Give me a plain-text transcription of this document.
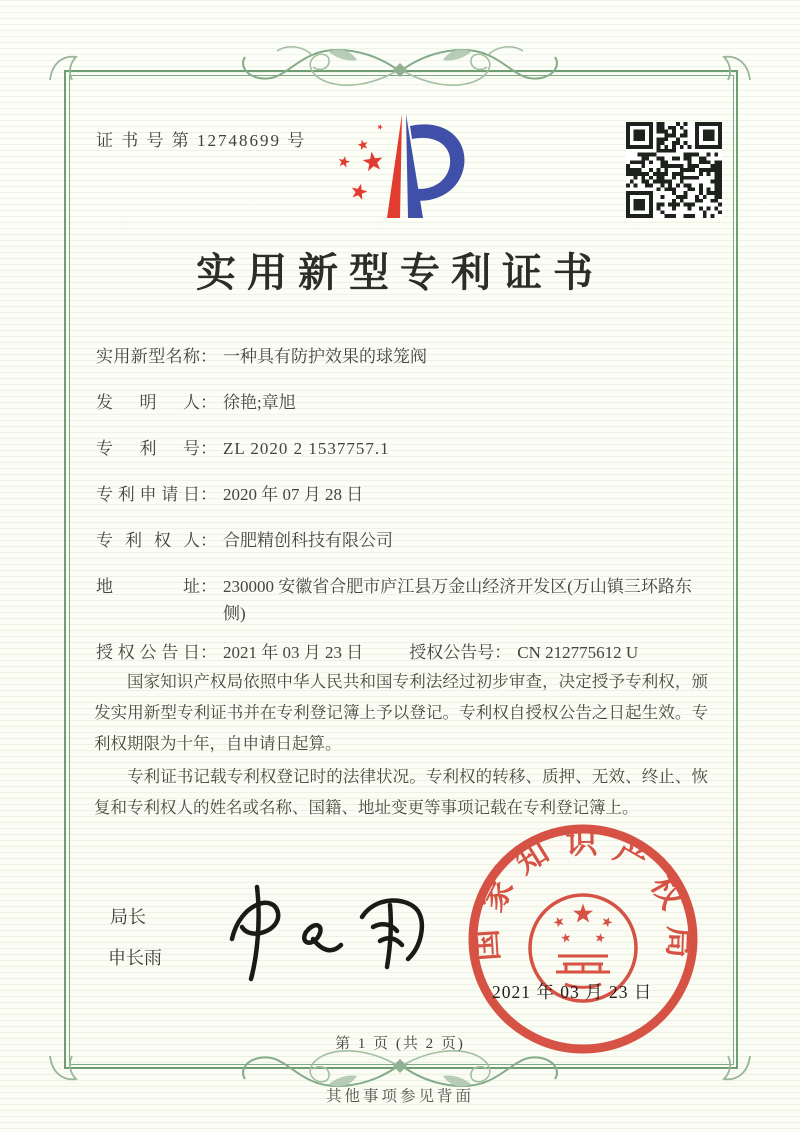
证 书 号 第 12748699 号
实用新型专利证书
实用新型名称 ： 一种具有防护效果的球笼阀
发明人 ： 徐艳;章旭
专利号 ： ZL 2020 2 1537757.1
专利申请日 ： 2020 年 07 月 28 日
专利权人 ： 合肥精创科技有限公司
地址 ： 230000 安徽省合肥市庐江县万金山经济开发区(万山镇三环路东侧)
授权公告日 ： 2021 年 03 月 23 日	授权公告号 ： CN 212775612 U

国家知识产权局依照中华人民共和国专利法经过初步审查，决定授予专利权，颁发实用新型专利证书并在专利登记簿上予以登记。专利权自授权公告之日起生效。专利权期限为十年，自申请日起算。

专利证书记载专利权登记时的法律状况。专利权的转移、质押、无效、终止、恢复和专利权人的姓名或名称、国籍、地址变更等事项记载在专利登记簿上。

局长
申长雨	国家知识产权局
2021 年 03 月 23 日
第 1 页 (共 2 页)
其他事项参见背面
